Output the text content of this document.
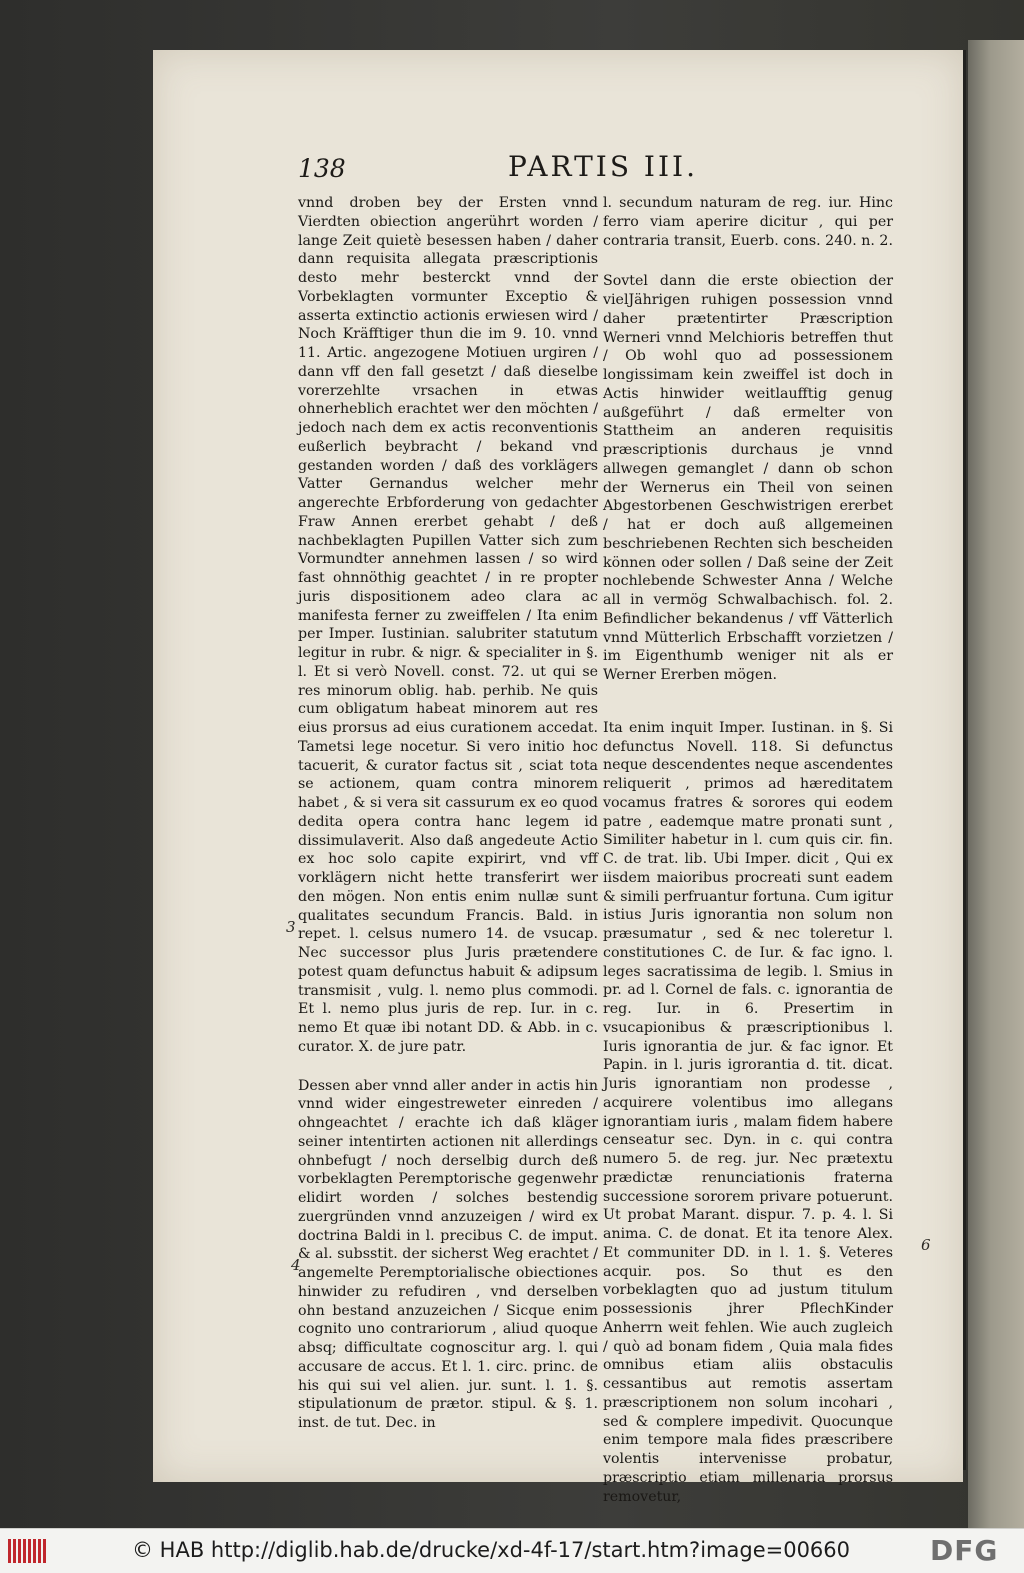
138	PARTIS III.

vnnd droben bey der Ersten vnnd Vierdten obiection angerührt worden / lange Zeit quietè besessen haben / daher dann requisita allegata præscriptionis desto mehr besterckt vnnd der Vorbeklagten vormunter Exceptio & asserta extinctio actionis erwiesen wird / Noch Kräfftiger thun die im 9. 10. vnnd 11. Artic. angezogene Motiuen urgiren / dann vff den fall gesetzt / daß dieselbe vorerzehlte vrsachen in etwas ohnerheblich erachtet wer den möchten / jedoch nach dem ex actis reconventionis eußerlich beybracht / bekand vnd gestanden worden / daß des vorklägers Vatter Gernandus welcher mehr angerechte Erbforderung von gedachter Fraw Annen ererbet gehabt / deß nachbeklagten Pupillen Vatter sich zum Vormundter annehmen lassen / so wird fast ohnnöthig geachtet / in re propter juris dispositionem adeo clara ac manifesta ferner zu zweiffelen / Ita enim per Imper. Iustinian. salubriter statutum legitur in rubr. & nigr. & specialiter in §. l. Et si verò Novell. const. 72. ut qui se res minorum oblig. hab. perhib. Ne quis cum obligatum habeat minorem aut res eius prorsus ad eius curationem accedat. Tametsi lege nocetur. Si vero initio hoc tacuerit, & curator factus sit , sciat tota se actionem, quam contra minorem habet , & si vera sit cassurum ex eo quod dedita opera contra hanc legem id dissimulaverit. Also daß angedeute Actio ex hoc solo capite expirirt, vnd vff vorklägern nicht hette transferirt wer den mögen. Non entis enim nullæ sunt qualitates secundum Francis. Bald. in repet. l. celsus numero 14. de vsucap. Nec successor plus Juris prætendere potest quam defunctus habuit & adipsum transmisit , vulg. l. nemo plus commodi. Et l. nemo plus juris de rep. Iur. in c. nemo Et quæ ibi notant DD. & Abb. in c. curator. X. de jure patr.

Dessen aber vnnd aller ander in actis hin vnnd wider eingestreweter einreden / ohngeachtet / erachte ich daß kläger seiner intentirten actionen nit allerdings ohnbefugt / noch derselbig durch deß vorbeklagten Peremptorische gegenwehr elidirt worden / solches bestendig zuergründen vnnd anzuzeigen / wird ex doctrina Baldi in l. precibus C. de imput. & al. subsstit. der sicherst Weg erachtet / angemelte Peremptorialische obiectiones hinwider zu refudiren , vnd derselben ohn bestand anzuzeichen / Sicque enim cognito uno contrariorum , aliud quoque absq; difficultate cognoscitur arg. l. qui accusare de accus. Et l. 1. circ. princ. de his qui sui vel alien. jur. sunt. l. 1. §. stipulationum de prætor. stipul. & §. 1. inst. de tut. Dec. in

l. secundum naturam de reg. iur. Hinc ferro viam aperire dicitur , qui per contraria transit, Euerb. cons. 240. n. 2.

Sovtel dann die erste obiection der vielJährigen ruhigen possession vnnd daher prætentirter Præscription Werneri vnnd Melchioris betreffen thut / Ob wohl quo ad possessionem longissimam kein zweiffel ist doch in Actis hinwider weitlaufftig genug außgeführt / daß ermelter von Stattheim an anderen requisitis præscriptionis durchaus je vnnd allwegen gemanglet / dann ob schon der Wernerus ein Theil von seinen Abgestorbenen Geschwistrigen ererbet / hat er doch auß allgemeinen beschriebenen Rechten sich bescheiden können oder sollen / Daß seine der Zeit nochlebende Schwester Anna / Welche all in vermög Schwalbachisch. fol. 2. Befindlicher bekandenus / vff Vätterlich vnnd Mütterlich Erbschafft vorzietzen / im Eigenthumb weniger nit als er Werner Ererben mögen.

Ita enim inquit Imper. Iustinan. in §. Si defunctus Novell. 118. Si defunctus neque descendentes neque ascendentes reliquerit , primos ad hæreditatem vocamus fratres & sorores qui eodem patre , eademque matre pronati sunt , Similiter habetur in l. cum quis cir. fin. C. de trat. lib. Ubi Imper. dicit , Qui ex iisdem maioribus procreati sunt eadem & simili perfruantur fortuna. Cum igitur istius Juris ignorantia non solum non præsumatur , sed & nec toleretur l. constitutiones C. de Iur. & fac igno. l. leges sacratissima de legib. l. Smius in pr. ad l. Cornel de fals. c. ignorantia de reg. Iur. in 6. Presertim in vsucapionibus & præscriptionibus l. Iuris ignorantia de jur. & fac ignor. Et Papin. in l. juris igrorantia d. tit. dicat. Juris ignorantiam non prodesse , acquirere volentibus imo allegans ignorantiam iuris , malam fidem habere censeatur sec. Dyn. in c. qui contra numero 5. de reg. jur. Nec prætextu prædictæ renunciationis fraterna successione sororem privare potuerunt. Ut probat Marant. dispur. 7. p. 4. l. Si anima. C. de donat. Et ita tenore Alex. Et communiter DD. in l. 1. §. Veteres acquir. pos. So thut es den vorbeklagten quo ad justum titulum possessionis jhrer PflechKinder Anherrn weit fehlen. Wie auch zugleich / quò ad bonam fidem , Quia mala fides omnibus etiam aliis obstaculis cessantibus aut remotis assertam præscriptionem non solum incohari , sed & complere impedivit. Quocunque enim tempore mala fides præscribere volentis intervenisse probatur, præscriptio etiam millenaria prorsus removetur,

3
4
6
© HAB http://diglib.hab.de/drucke/xd-4f-17/start.htm?image=00660	DFG
